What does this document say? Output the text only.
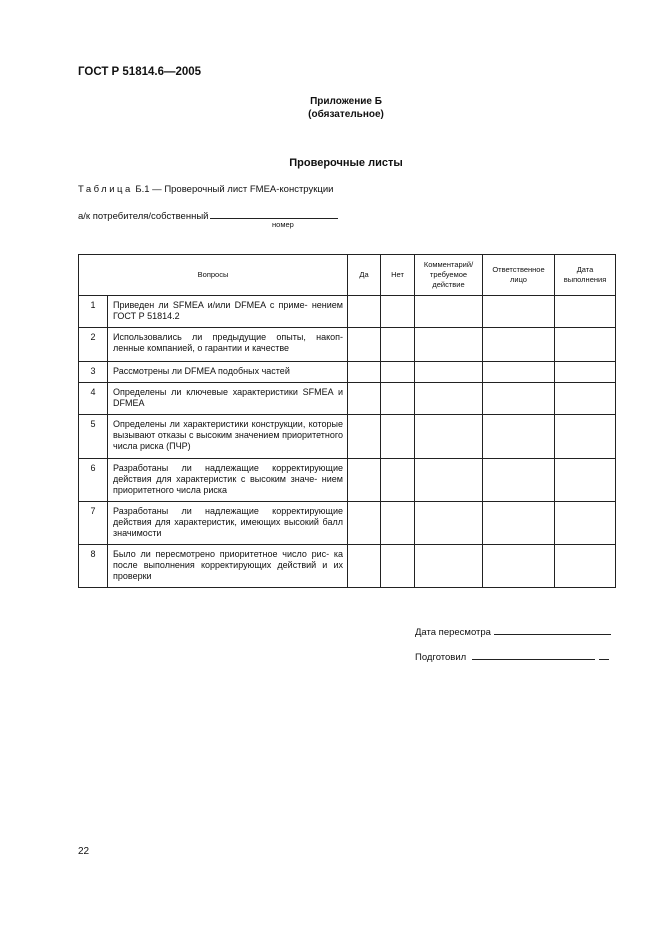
ГОСТ Р 51814.6—2005
Приложение Б
(обязательное)
Проверочные листы
Таблица Б.1 — Проверочный лист FMEA-конструкции
а/к потребителя/собственный
номер
Вопросы		Да	Нет	Комментарий/ требуемое действие	Ответственное лицо	Дата выполнения
1	Приведен ли SFMEA и/или DFMEA с приме- нением ГОСТ Р 51814.2					
2	Использовались ли предыдущие опыты, накоп- ленные компанией, о гарантии и качестве					
3	Рассмотрены ли DFMEA подобных частей					
4	Определены ли ключевые характеристики SFMEA и DFMEA					
5	Определены ли характеристики конструкции, которые вызывают отказы с высоким значением приоритетного числа риска (ПЧР)					
6	Разработаны ли надлежащие корректирующие действия для характеристик с высоким значе- нием приоритетного числа риска					
7	Разработаны ли надлежащие корректирующие действия для характеристик, имеющих высокий балл значимости					
8	Было ли пересмотрено приоритетное число рис- ка после выполнения корректирующих действий и их проверки					
Дата пересмотра
Подготовил
22
